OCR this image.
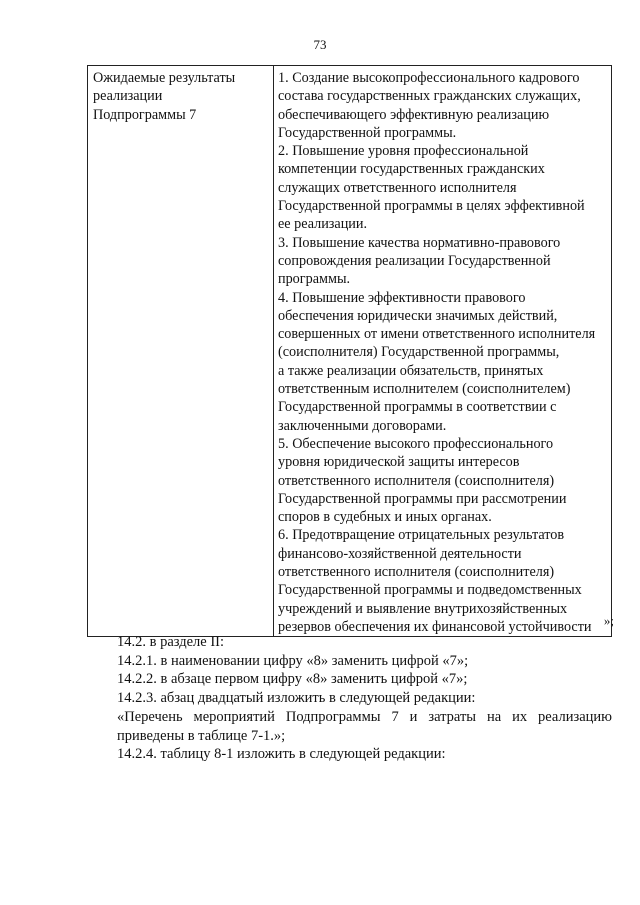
73
Ожидаемые результаты
реализации
Подпрограммы 7

1. Создание высокопрофессионального кадрового
состава государственных гражданских служащих,
обеспечивающего эффективную реализацию
Государственной программы.
2. Повышение уровня профессиональной
компетенции государственных гражданских
служащих ответственного исполнителя
Государственной программы в целях эффективной
ее реализации.
3. Повышение качества нормативно-правового
сопровождения реализации Государственной
программы.
4. Повышение эффективности правового
обеспечения юридически значимых действий,
совершенных от имени ответственного исполнителя
(соисполнителя) Государственной программы,
а также реализации обязательств, принятых
ответственным исполнителем (соисполнителем)
Государственной программы в соответствии с
заключенными договорами.
5. Обеспечение высокого профессионального
уровня юридической защиты интересов
ответственного исполнителя (соисполнителя)
Государственной программы при рассмотрении
споров в судебных и иных органах.
6. Предотвращение отрицательных результатов
финансово-хозяйственной деятельности
ответственного исполнителя (соисполнителя)
Государственной программы и подведомственных
учреждений и выявление внутрихозяйственных
резервов обеспечения их финансовой устойчивости »;
14.2. в разделе II:
14.2.1. в наименовании цифру «8» заменить цифрой «7»;
14.2.2. в абзаце первом цифру «8» заменить цифрой «7»;
14.2.3. абзац двадцатый изложить в следующей редакции:
«Перечень мероприятий Подпрограммы 7 и затраты на их реализацию приведены в таблице 7-1.»;
14.2.4. таблицу 8-1 изложить в следующей редакции:
